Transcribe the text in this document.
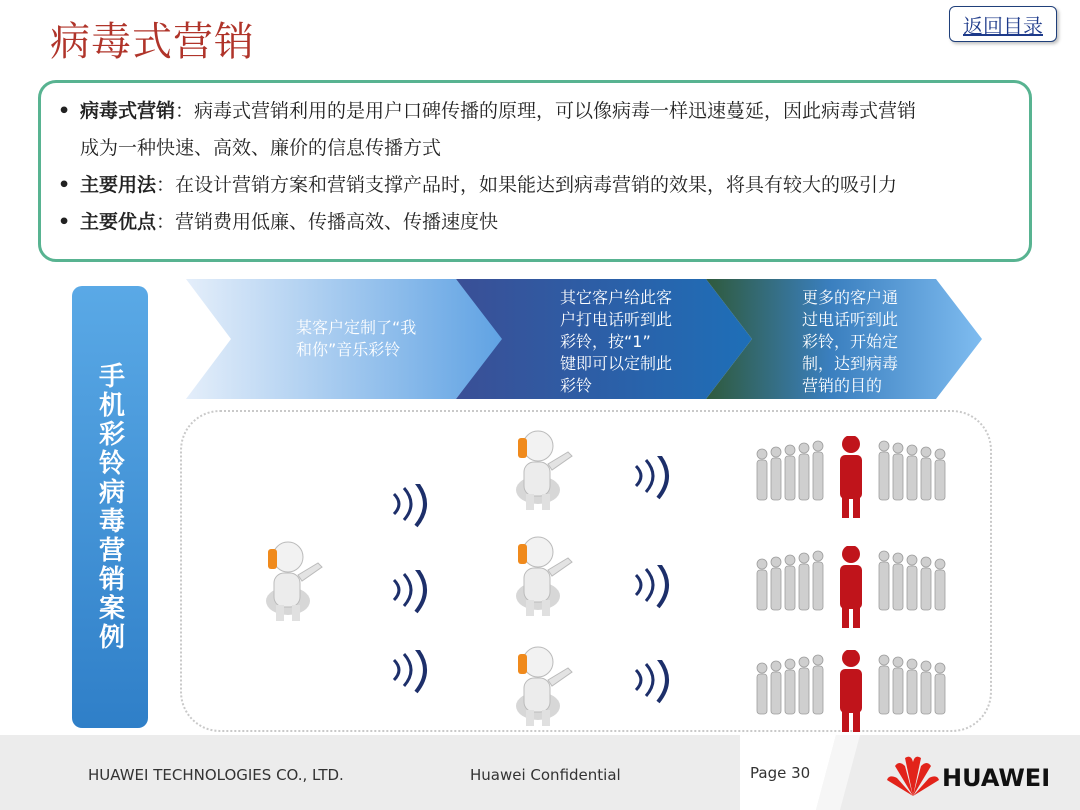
病毒式营销	返回目录
• 病毒式营销：病毒式营销利用的是用户口碑传播的原理，可以像病毒一样迅速蔓延，因此病毒式营销
成为一种快速、高效、廉价的信息传播方式
• 主要用法：在设计营销方案和营销支撑产品时，如果能达到病毒营销的效果，将具有较大的吸引力
• 主要优点：营销费用低廉、传播高效、传播速度快
手机彩铃病毒营销案例
某客户定制了“我
和你”音乐彩铃
其它客户给此客
户打电话听到此
彩铃，按“1”
键即可以定制此
彩铃
更多的客户通
过电话听到此
彩铃，开始定
制，达到病毒
营销的目的
HUAWEI TECHNOLOGIES CO., LTD.	Huawei Confidential	Page 30	HUAWEI
